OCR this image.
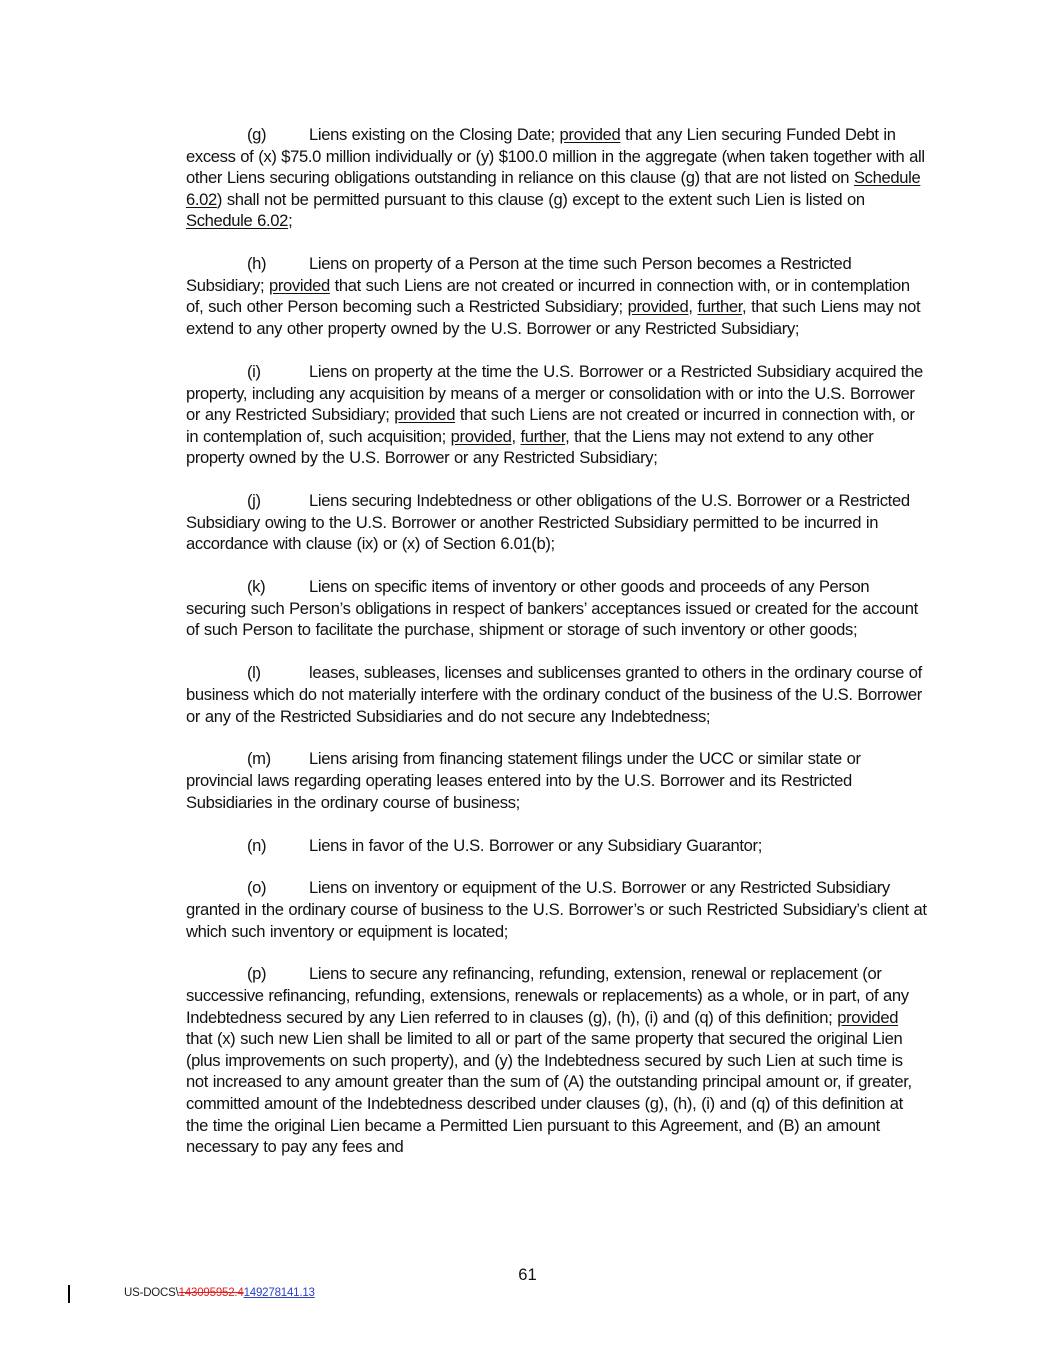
(g)	Liens existing on the Closing Date; provided that any Lien securing Funded Debt in excess of (x) $75.0 million individually or (y) $100.0 million in the aggregate (when taken together with all other Liens securing obligations outstanding in reliance on this clause (g) that are not listed on Schedule 6.02) shall not be permitted pursuant to this clause (g) except to the extent such Lien is listed on Schedule 6.02;

(h)	Liens on property of a Person at the time such Person becomes a Restricted Subsidiary; provided that such Liens are not created or incurred in connection with, or in contemplation of, such other Person becoming such a Restricted Subsidiary; provided, further, that such Liens may not extend to any other property owned by the U.S. Borrower or any Restricted Subsidiary;

(i)	Liens on property at the time the U.S. Borrower or a Restricted Subsidiary acquired the property, including any acquisition by means of a merger or consolidation with or into the U.S. Borrower or any Restricted Subsidiary; provided that such Liens are not created or incurred in connection with, or in contemplation of, such acquisition; provided, further, that the Liens may not extend to any other property owned by the U.S. Borrower or any Restricted Subsidiary;

(j)	Liens securing Indebtedness or other obligations of the U.S. Borrower or a Restricted Subsidiary owing to the U.S. Borrower or another Restricted Subsidiary permitted to be incurred in accordance with clause (ix) or (x) of Section 6.01(b);

(k)	Liens on specific items of inventory or other goods and proceeds of any Person securing such Person’s obligations in respect of bankers’ acceptances issued or created for the account of such Person to facilitate the purchase, shipment or storage of such inventory or other goods;

(l)	leases, subleases, licenses and sublicenses granted to others in the ordinary course of business which do not materially interfere with the ordinary conduct of the business of the U.S. Borrower or any of the Restricted Subsidiaries and do not secure any Indebtedness;

(m) Liens arising from financing statement filings under the UCC or similar state or provincial laws regarding operating leases entered into by the U.S. Borrower and its Restricted Subsidiaries in the ordinary course of business;

(n)	Liens in favor of the U.S. Borrower or any Subsidiary Guarantor;

(o)	Liens on inventory or equipment of the U.S. Borrower or any Restricted Subsidiary granted in the ordinary course of business to the U.S. Borrower’s or such Restricted Subsidiary’s client at which such inventory or equipment is located;

(p)	Liens to secure any refinancing, refunding, extension, renewal or replacement (or successive refinancing, refunding, extensions, renewals or replacements) as a whole, or in part, of any Indebtedness secured by any Lien referred to in clauses (g), (h), (i) and (q) of this definition; provided that (x) such new Lien shall be limited to all or part of the same property that secured the original Lien (plus improvements on such property), and (y) the Indebtedness secured by such Lien at such time is not increased to any amount greater than the sum of (A) the outstanding principal amount or, if greater, committed amount of the Indebtedness described under clauses (g), (h), (i) and (q) of this definition at the time the original Lien became a Permitted Lien pursuant to this Agreement, and (B) an amount necessary to pay any fees and

61
US-DOCS\143095952.4149278141.13
